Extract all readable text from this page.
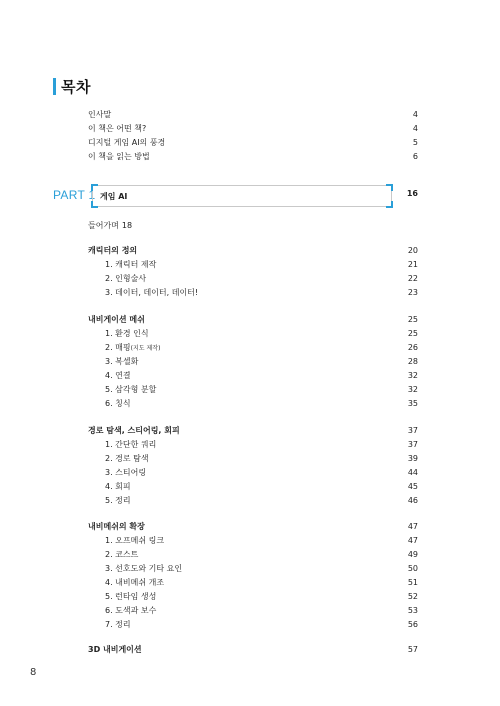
목차
인사말	4
이 책은 어떤 책?	4
디지털 게임 AI의 풍경	5
이 책을 읽는 방법	6
PART 1 게임 AI	16
들어가며 18
캐릭터의 정의	20
1. 캐릭터 제작	21
2. 인형술사	22
3. 데이터, 데이터, 데이터!	23
내비게이션 메쉬	25
1. 환경 인식	25
2. 매핑(지도 제작)	26
3. 복셀화	28
4. 연결	32
5. 삼각형 분할	32
6. 칭식	35
경로 탐색, 스티어링, 회피	37
1. 간단한 쿼리	37
2. 경로 탐색	39
3. 스티어링	44
4. 회피	45
5. 정리	46
내비메쉬의 확장	47
1. 오프메쉬 링크	47
2. 코스트	49
3. 선호도와 기타 요인	50
4. 내비메쉬 개조	51
5. 런타임 생성	52
6. 도색과 보수	53
7. 정리	56
3D 내비게이션	57
8
